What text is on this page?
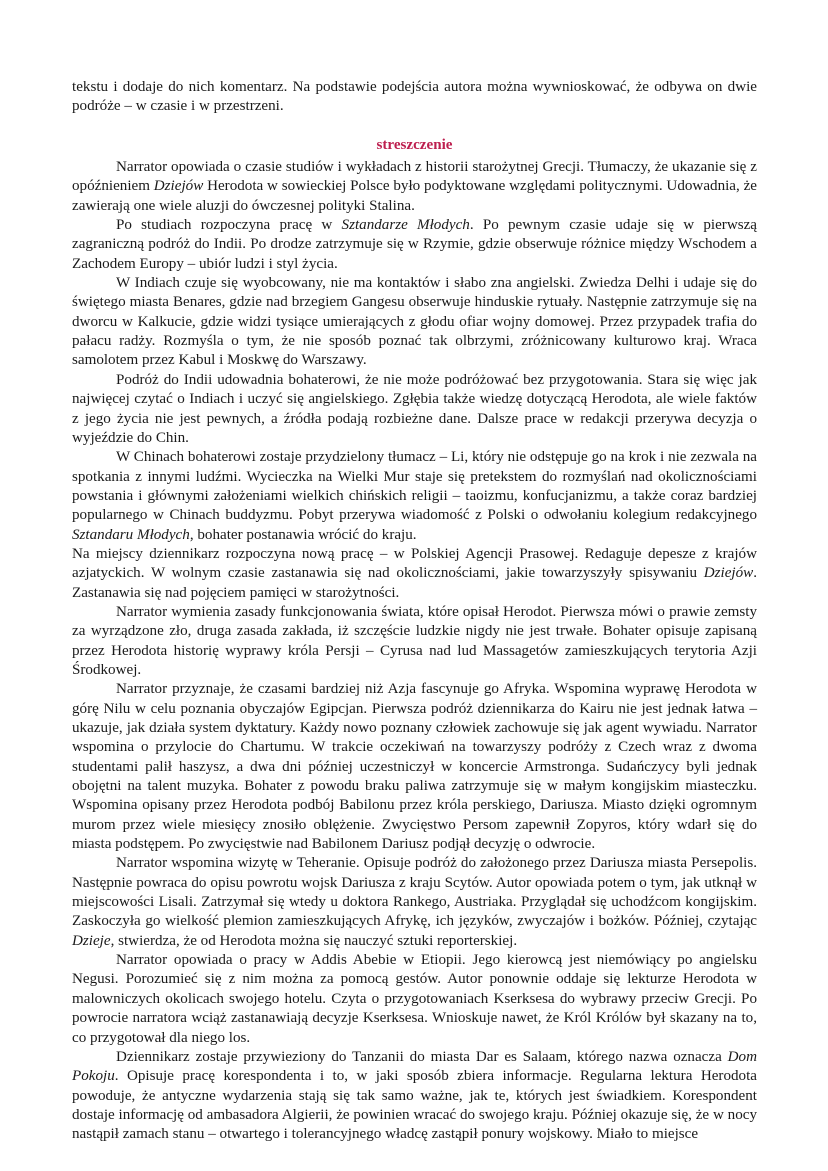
tekstu i dodaje do nich komentarz. Na podstawie podejścia autora można wywnioskować, że odbywa on dwie podróże – w czasie i w przestrzeni.

streszczenie

Narrator opowiada o czasie studiów i wykładach z historii starożytnej Grecji. Tłumaczy, że ukazanie się z opóźnieniem Dziejów Herodota w sowieckiej Polsce było podyktowane względami politycznymi. Udowadnia, że zawierają one wiele aluzji do ówczesnej polityki Stalina.

Po studiach rozpoczyna pracę w Sztandarze Młodych. Po pewnym czasie udaje się w pierwszą zagraniczną podróż do Indii. Po drodze zatrzymuje się w Rzymie, gdzie obserwuje różnice między Wschodem a Zachodem Europy – ubiór ludzi i styl życia.

W Indiach czuje się wyobcowany, nie ma kontaktów i słabo zna angielski. Zwiedza Delhi i udaje się do świętego miasta Benares, gdzie nad brzegiem Gangesu obserwuje hinduskie rytuały. Następnie zatrzymuje się na dworcu w Kalkucie, gdzie widzi tysiące umierających z głodu ofiar wojny domowej. Przez przypadek trafia do pałacu radży. Rozmyśla o tym, że nie sposób poznać tak olbrzymi, zróżnicowany kulturowo kraj. Wraca samolotem przez Kabul i Moskwę do Warszawy.

Podróż do Indii udowadnia bohaterowi, że nie może podróżować bez przygotowania. Stara się więc jak najwięcej czytać o Indiach i uczyć się angielskiego. Zgłębia także wiedzę dotyczącą Herodota, ale wiele faktów z jego życia nie jest pewnych, a źródła podają rozbieżne dane. Dalsze prace w redakcji przerywa decyzja o wyjeździe do Chin.

W Chinach bohaterowi zostaje przydzielony tłumacz – Li, który nie odstępuje go na krok i nie zezwala na spotkania z innymi ludźmi. Wycieczka na Wielki Mur staje się pretekstem do rozmyślań nad okolicznościami powstania i głównymi założeniami wielkich chińskich religii – taoizmu, konfucjanizmu, a także coraz bardziej popularnego w Chinach buddyzmu. Pobyt przerywa wiadomość z Polski o odwołaniu kolegium redakcyjnego Sztandaru Młodych, bohater postanawia wrócić do kraju.

Na miejscy dziennikarz rozpoczyna nową pracę – w Polskiej Agencji Prasowej. Redaguje depesze z krajów azjatyckich. W wolnym czasie zastanawia się nad okolicznościami, jakie towarzyszyły spisywaniu Dziejów. Zastanawia się nad pojęciem pamięci w starożytności.

Narrator wymienia zasady funkcjonowania świata, które opisał Herodot. Pierwsza mówi o prawie zemsty za wyrządzone zło, druga zasada zakłada, iż szczęście ludzkie nigdy nie jest trwałe. Bohater opisuje zapisaną przez Herodota historię wyprawy króla Persji – Cyrusa nad lud Massagetów zamieszkujących terytoria Azji Środkowej.

Narrator przyznaje, że czasami bardziej niż Azja fascynuje go Afryka. Wspomina wyprawę Herodota w górę Nilu w celu poznania obyczajów Egipcjan. Pierwsza podróż dziennikarza do Kairu nie jest jednak łatwa – ukazuje, jak działa system dyktatury. Każdy nowo poznany człowiek zachowuje się jak agent wywiadu. Narrator wspomina o przylocie do Chartumu. W trakcie oczekiwań na towarzyszy podróży z Czech wraz z dwoma studentami palił haszysz, a dwa dni później uczestniczył w koncercie Armstronga. Sudańczycy byli jednak obojętni na talent muzyka. Bohater z powodu braku paliwa zatrzymuje się w małym kongijskim miasteczku. Wspomina opisany przez Herodota podbój Babilonu przez króla perskiego, Dariusza. Miasto dzięki ogromnym murom przez wiele miesięcy znosiło oblężenie. Zwycięstwo Persom zapewnił Zopyros, który wdarł się do miasta podstępem. Po zwycięstwie nad Babilonem Dariusz podjął decyzję o odwrocie.

Narrator wspomina wizytę w Teheranie. Opisuje podróż do założonego przez Dariusza miasta Persepolis. Następnie powraca do opisu powrotu wojsk Dariusza z kraju Scytów. Autor opowiada potem o tym, jak utknął w miejscowości Lisali. Zatrzymał się wtedy u doktora Rankego, Austriaka. Przyglądał się uchodźcom kongijskim. Zaskoczyła go wielkość plemion zamieszkujących Afrykę, ich języków, zwyczajów i bożków. Później, czytając Dzieje, stwierdza, że od Herodota można się nauczyć sztuki reporterskiej.

Narrator opowiada o pracy w Addis Abebie w Etiopii. Jego kierowcą jest niemówiący po angielsku Negusi. Porozumieć się z nim można za pomocą gestów. Autor ponownie oddaje się lekturze Herodota w malowniczych okolicach swojego hotelu. Czyta o przygotowaniach Kserksesa do wybrawy przeciw Grecji. Po powrocie narratora wciąż zastanawiają decyzje Kserksesa. Wnioskuje nawet, że Król Królów był skazany na to, co przygotował dla niego los.

Dziennikarz zostaje przywieziony do Tanzanii do miasta Dar es Salaam, którego nazwa oznacza Dom Pokoju. Opisuje pracę korespondenta i to, w jaki sposób zbiera informacje. Regularna lektura Herodota powoduje, że antyczne wydarzenia stają się tak samo ważne, jak te, których jest świadkiem. Korespondent dostaje informację od ambasadora Algierii, że powinien wracać do swojego kraju. Później okazuje się, że w nocy nastąpił zamach stanu – otwartego i tolerancyjnego władcę zastąpił ponury wojskowy. Miało to miejsce
